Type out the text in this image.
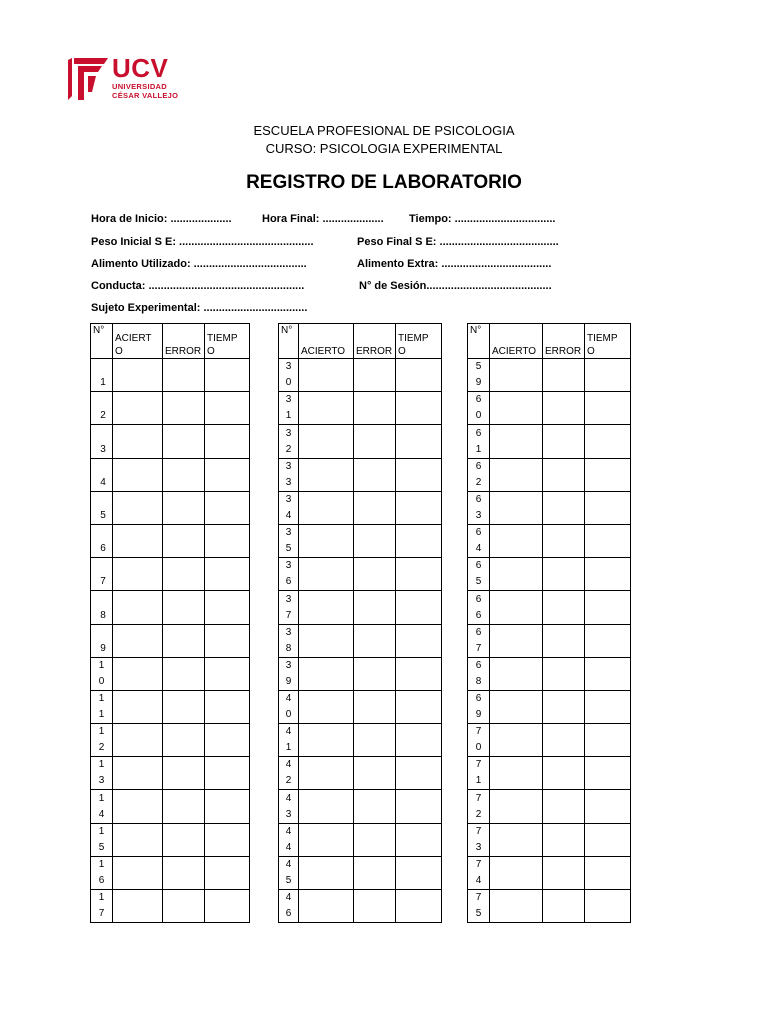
UCV
UNIVERSIDAD
CÉSAR VALLEJO
ESCUELA PROFESIONAL DE PSICOLOGIA
CURSO: PSICOLOGIA EXPERIMENTAL
REGISTRO DE LABORATORIO
Hora de Inicio: ....................	Hora Final: .................... Tiempo: .................................
Peso Inicial S E: ............................................	Peso Final S E: .......................................
Alimento Utilizado: .....................................	Alimento Extra: ....................................
Conducta: ...................................................	N° de Sesión.........................................
Sujeto Experimental: ..................................
N°	ACIERTO	ERROR	TIEMPO
1			
2			
3			
4			
5			
6			
7			
8			
9			
10			
11			
12			
13			
14			
15			
16			
17			
N°	ACIERTO	ERROR	TIEMPO
30			
31			
32			
33			
34			
35			
36			
37			
38			
39			
40			
41			
42			
43			
44			
45			
46			
N°	ACIERTO	ERROR	TIEMPO
59			
60			
61			
62			
63			
64			
65			
66			
67			
68			
69			
70			
71			
72			
73			
74			
75			
